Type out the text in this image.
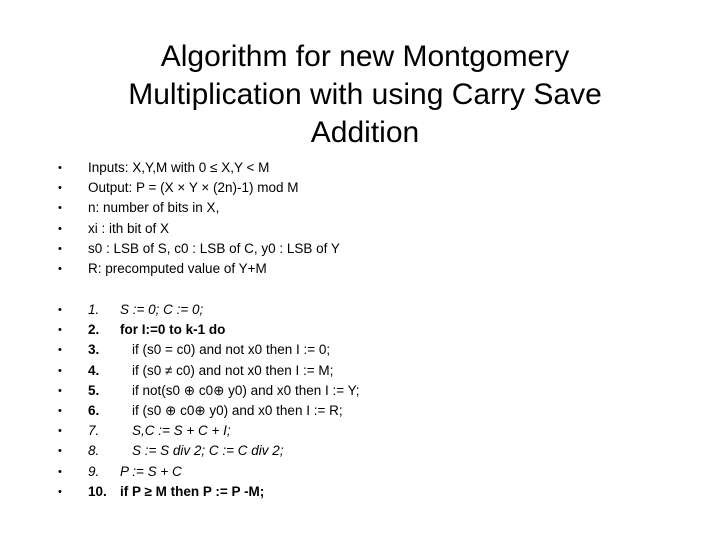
Algorithm for new Montgomery
Multiplication with using Carry Save
Addition
•	Inputs: X,Y,M with 0 ≤ X,Y < M
•	Output: P = (X × Y × (2n)-1) mod M
•	n: number of bits in X,
•	xi : ith bit of X
•	s0 : LSB of S, c0 : LSB of C, y0 : LSB of Y
•	R: precomputed value of Y+M
•	1. S := 0; C := 0;
•	2. for I:=0 to k-1 do
•	3. if (s0 = c0) and not x0 then I := 0;
•	4. if (s0 ≠ c0) and not x0 then I := M;
•	5. if not(s0 ⊕ c0⊕ y0) and x0 then I := Y;
•	6. if (s0 ⊕ c0⊕ y0) and x0 then I := R;
•	7. S,C := S + C + I;
•	8. S := S div 2; C := C div 2;
•	9. P := S + C
•	10. if P ≥ M then P := P -M;
